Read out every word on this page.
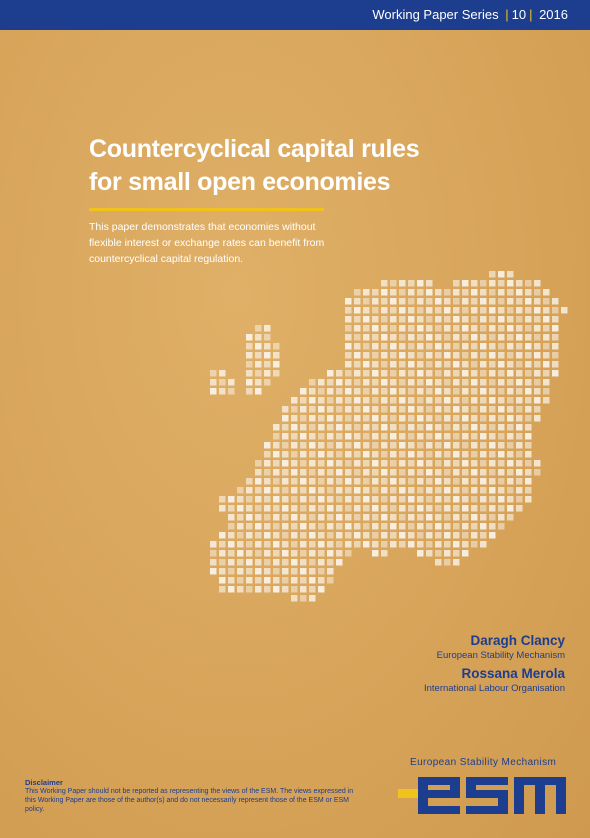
Working Paper Series | 10 | 2016
Countercyclical capital rules
for small open economies
This paper demonstrates that economies without flexible interest or exchange rates can benefit from countercyclical capital regulation.
Daragh Clancy
European Stability Mechanism
Rossana Merola
International Labour Organisation
Disclaimer
This Working Paper should not be reported as representing the views of the ESM. The views expressed in this Working Paper are those of the author(s) and do not necessarily represent those of the ESM or ESM policy.
European Stability Mechanism
